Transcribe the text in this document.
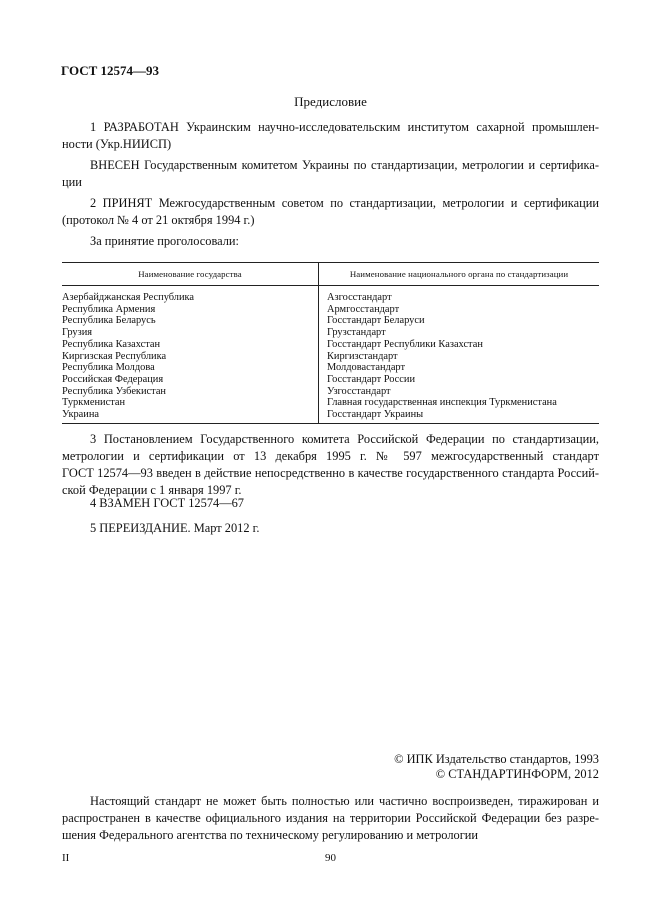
ГОСТ 12574—93
Предисловие
1 РАЗРАБОТАН Украинским научно-исследовательским институтом сахарной промышлен-
ности (Укр.НИИСП)
ВНЕСЕН Государственным комитетом Украины по стандартизации, метрологии и сертифика-
ции
2 ПРИНЯТ Межгосударственным советом по стандартизации, метрологии и сертификации
(протокол № 4 от 21 октября 1994 г.)
За принятие проголосовали:
Наименование государства	Наименование национального органа по стандартизации
Азербайджанская Республика	Азгосстандарт
Республика Армения	Армгосстандарт
Республика Беларусь	Госстандарт Беларуси
Грузия	Грузстандарт
Республика Казахстан	Госстандарт Республики Казахстан
Киргизская Республика	Киргизстандарт
Республика Молдова	Молдовастандарт
Российская Федерация	Госстандарт России
Республика Узбекистан	Узгосстандарт
Туркменистан	Главная государственная инспекция Туркменистана
Украина	Госстандарт Украины
3 Постановлением Государственного комитета Российской Федерации по стандартизации,
метрологии и сертификации от 13 декабря 1995 г. № 597 межгосударственный стандарт
ГОСТ 12574—93 введен в действие непосредственно в качестве государственного стандарта Россий-
ской Федерации с 1 января 1997 г.
4 ВЗАМЕН ГОСТ 12574—67
5 ПЕРЕИЗДАНИЕ. Март 2012 г.
© ИПК Издательство стандартов, 1993
© СТАНДАРТИНФОРМ, 2012
Настоящий стандарт не может быть полностью или частично воспроизведен, тиражирован и
распространен в качестве официального издания на территории Российской Федерации без разре-
шения Федерального агентства по техническому регулированию и метрологии
II	90
